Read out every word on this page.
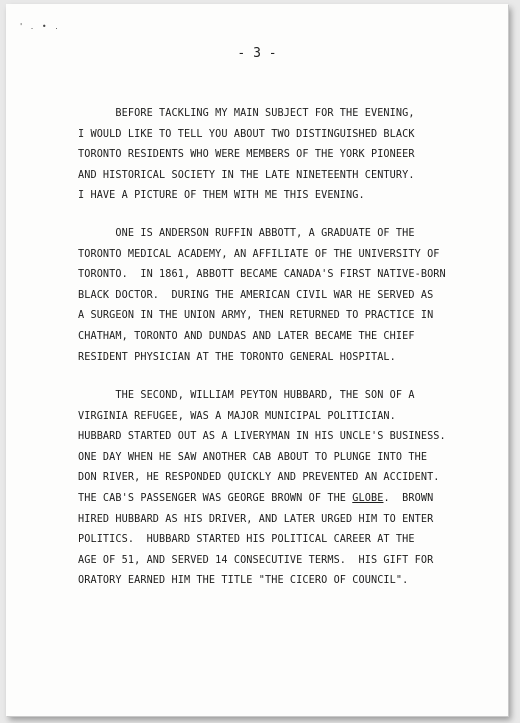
' . • .
- 3 -
BEFORE TACKLING MY MAIN SUBJECT FOR THE EVENING,
I WOULD LIKE TO TELL YOU ABOUT TWO DISTINGUISHED BLACK
TORONTO RESIDENTS WHO WERE MEMBERS OF THE YORK PIONEER
AND HISTORICAL SOCIETY IN THE LATE NINETEENTH CENTURY.
I HAVE A PICTURE OF THEM WITH ME THIS EVENING.
ONE IS ANDERSON RUFFIN ABBOTT, A GRADUATE OF THE
TORONTO MEDICAL ACADEMY, AN AFFILIATE OF THE UNIVERSITY OF
TORONTO.  IN 1861, ABBOTT BECAME CANADA'S FIRST NATIVE-BORN
BLACK DOCTOR.  DURING THE AMERICAN CIVIL WAR HE SERVED AS
A SURGEON IN THE UNION ARMY, THEN RETURNED TO PRACTICE IN
CHATHAM, TORONTO AND DUNDAS AND LATER BECAME THE CHIEF
RESIDENT PHYSICIAN AT THE TORONTO GENERAL HOSPITAL.
THE SECOND, WILLIAM PEYTON HUBBARD, THE SON OF A
VIRGINIA REFUGEE, WAS A MAJOR MUNICIPAL POLITICIAN.
HUBBARD STARTED OUT AS A LIVERYMAN IN HIS UNCLE'S BUSINESS.
ONE DAY WHEN HE SAW ANOTHER CAB ABOUT TO PLUNGE INTO THE
DON RIVER, HE RESPONDED QUICKLY AND PREVENTED AN ACCIDENT.
THE CAB'S PASSENGER WAS GEORGE BROWN OF THE GLOBE.  BROWN
HIRED HUBBARD AS HIS DRIVER, AND LATER URGED HIM TO ENTER
POLITICS.  HUBBARD STARTED HIS POLITICAL CAREER AT THE
AGE OF 51, AND SERVED 14 CONSECUTIVE TERMS.  HIS GIFT FOR
ORATORY EARNED HIM THE TITLE "THE CICERO OF COUNCIL".
